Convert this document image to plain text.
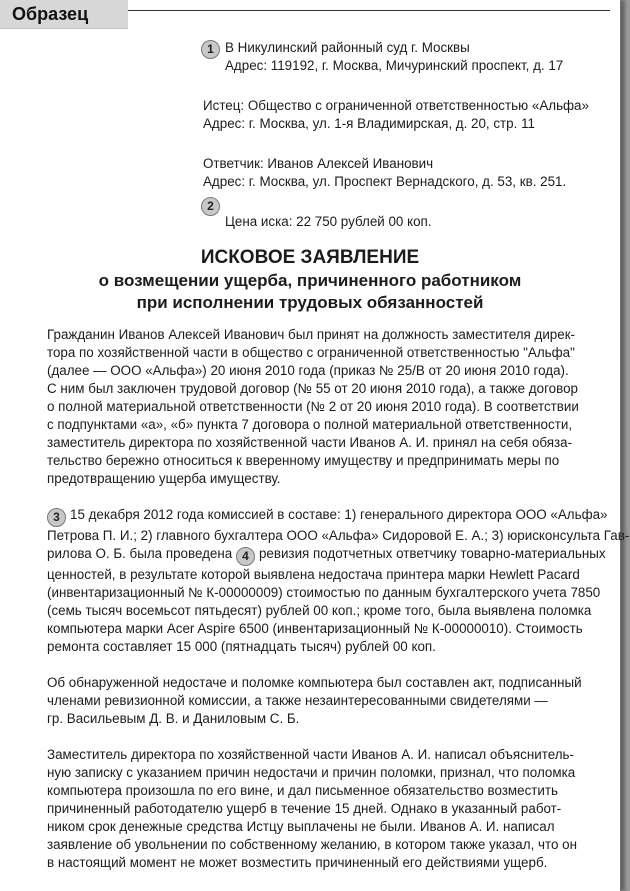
Образец
1
2
В Никулинский районный суд г. Москвы
Адрес: 119192, г. Москва, Мичуринский проспект, д. 17
Истец: Общество с ограниченной ответственностью «Альфа»
Адрес: г. Москва, ул. 1-я Владимирская, д. 20, стр. 11
Ответчик: Иванов Алексей Иванович
Адрес: г. Москва, ул. Проспект Вернадского, д. 53, кв. 251.
Цена иска: 22 750 рублей 00 коп.
ИСКОВОЕ ЗАЯВЛЕНИЕ
о возмещении ущерба, причиненного работником
при исполнении трудовых обязанностей
Гражданин Иванов Алексей Иванович был принят на должность заместителя дирек-
тора по хозяйственной части в общество с ограниченной ответственностью "Альфа"
(далее — ООО «Альфа») 20 июня 2010 года (приказ № 25/В от 20 июня 2010 года).
С ним был заключен трудовой договор (№ 55 от 20 июня 2010 года), а также договор
о полной материальной ответственности (№ 2 от 20 июня 2010 года). В соответствии
с подпунктами «а», «б» пункта 7 договора о полной материальной ответственности,
заместитель директора по хозяйственной части Иванов А. И. принял на себя обяза-
тельство бережно относиться к вверенному имуществу и предпринимать меры по
предотвращению ущерба имуществу.
3 15 декабря 2012 года комиссией в составе: 1) генерального директора ООО «Альфа»
Петрова П. И.; 2) главного бухгалтера ООО «Альфа» Сидоровой Е. А.; 3) юрисконсульта Гав-
рилова О. Б. была проведена 4 ревизия подотчетных ответчику товарно-материальных
ценностей, в результате которой выявлена недостача принтера марки Hewlett Pacard
(инвентаризационный № К-00000009) стоимостью по данным бухгалтерского учета 7850
(семь тысяч восемьсот пятьдесят) рублей 00 коп.; кроме того, была выявлена поломка
компьютера марки Acer Aspire 6500 (инвентаризационный № К-00000010). Стоимость
ремонта составляет 15 000 (пятнадцать тысяч) рублей 00 коп.
Об обнаруженной недостаче и поломке компьютера был составлен акт, подписанный
членами ревизионной комиссии, а также незаинтересованными свидетелями —
гр. Васильевым Д. В. и Даниловым С. Б.
Заместитель директора по хозяйственной части Иванов А. И. написал объяснитель-
ную записку с указанием причин недостачи и причин поломки, признал, что поломка
компьютера произошла по его вине, и дал письменное обязательство возместить
причиненный работодателю ущерб в течение 15 дней. Однако в указанный работ-
ником срок денежные средства Истцу выплачены не были. Иванов А. И. написал
заявление об увольнении по собственному желанию, в котором также указал, что он
в настоящий момент не может возместить причиненный его действиями ущерб.
